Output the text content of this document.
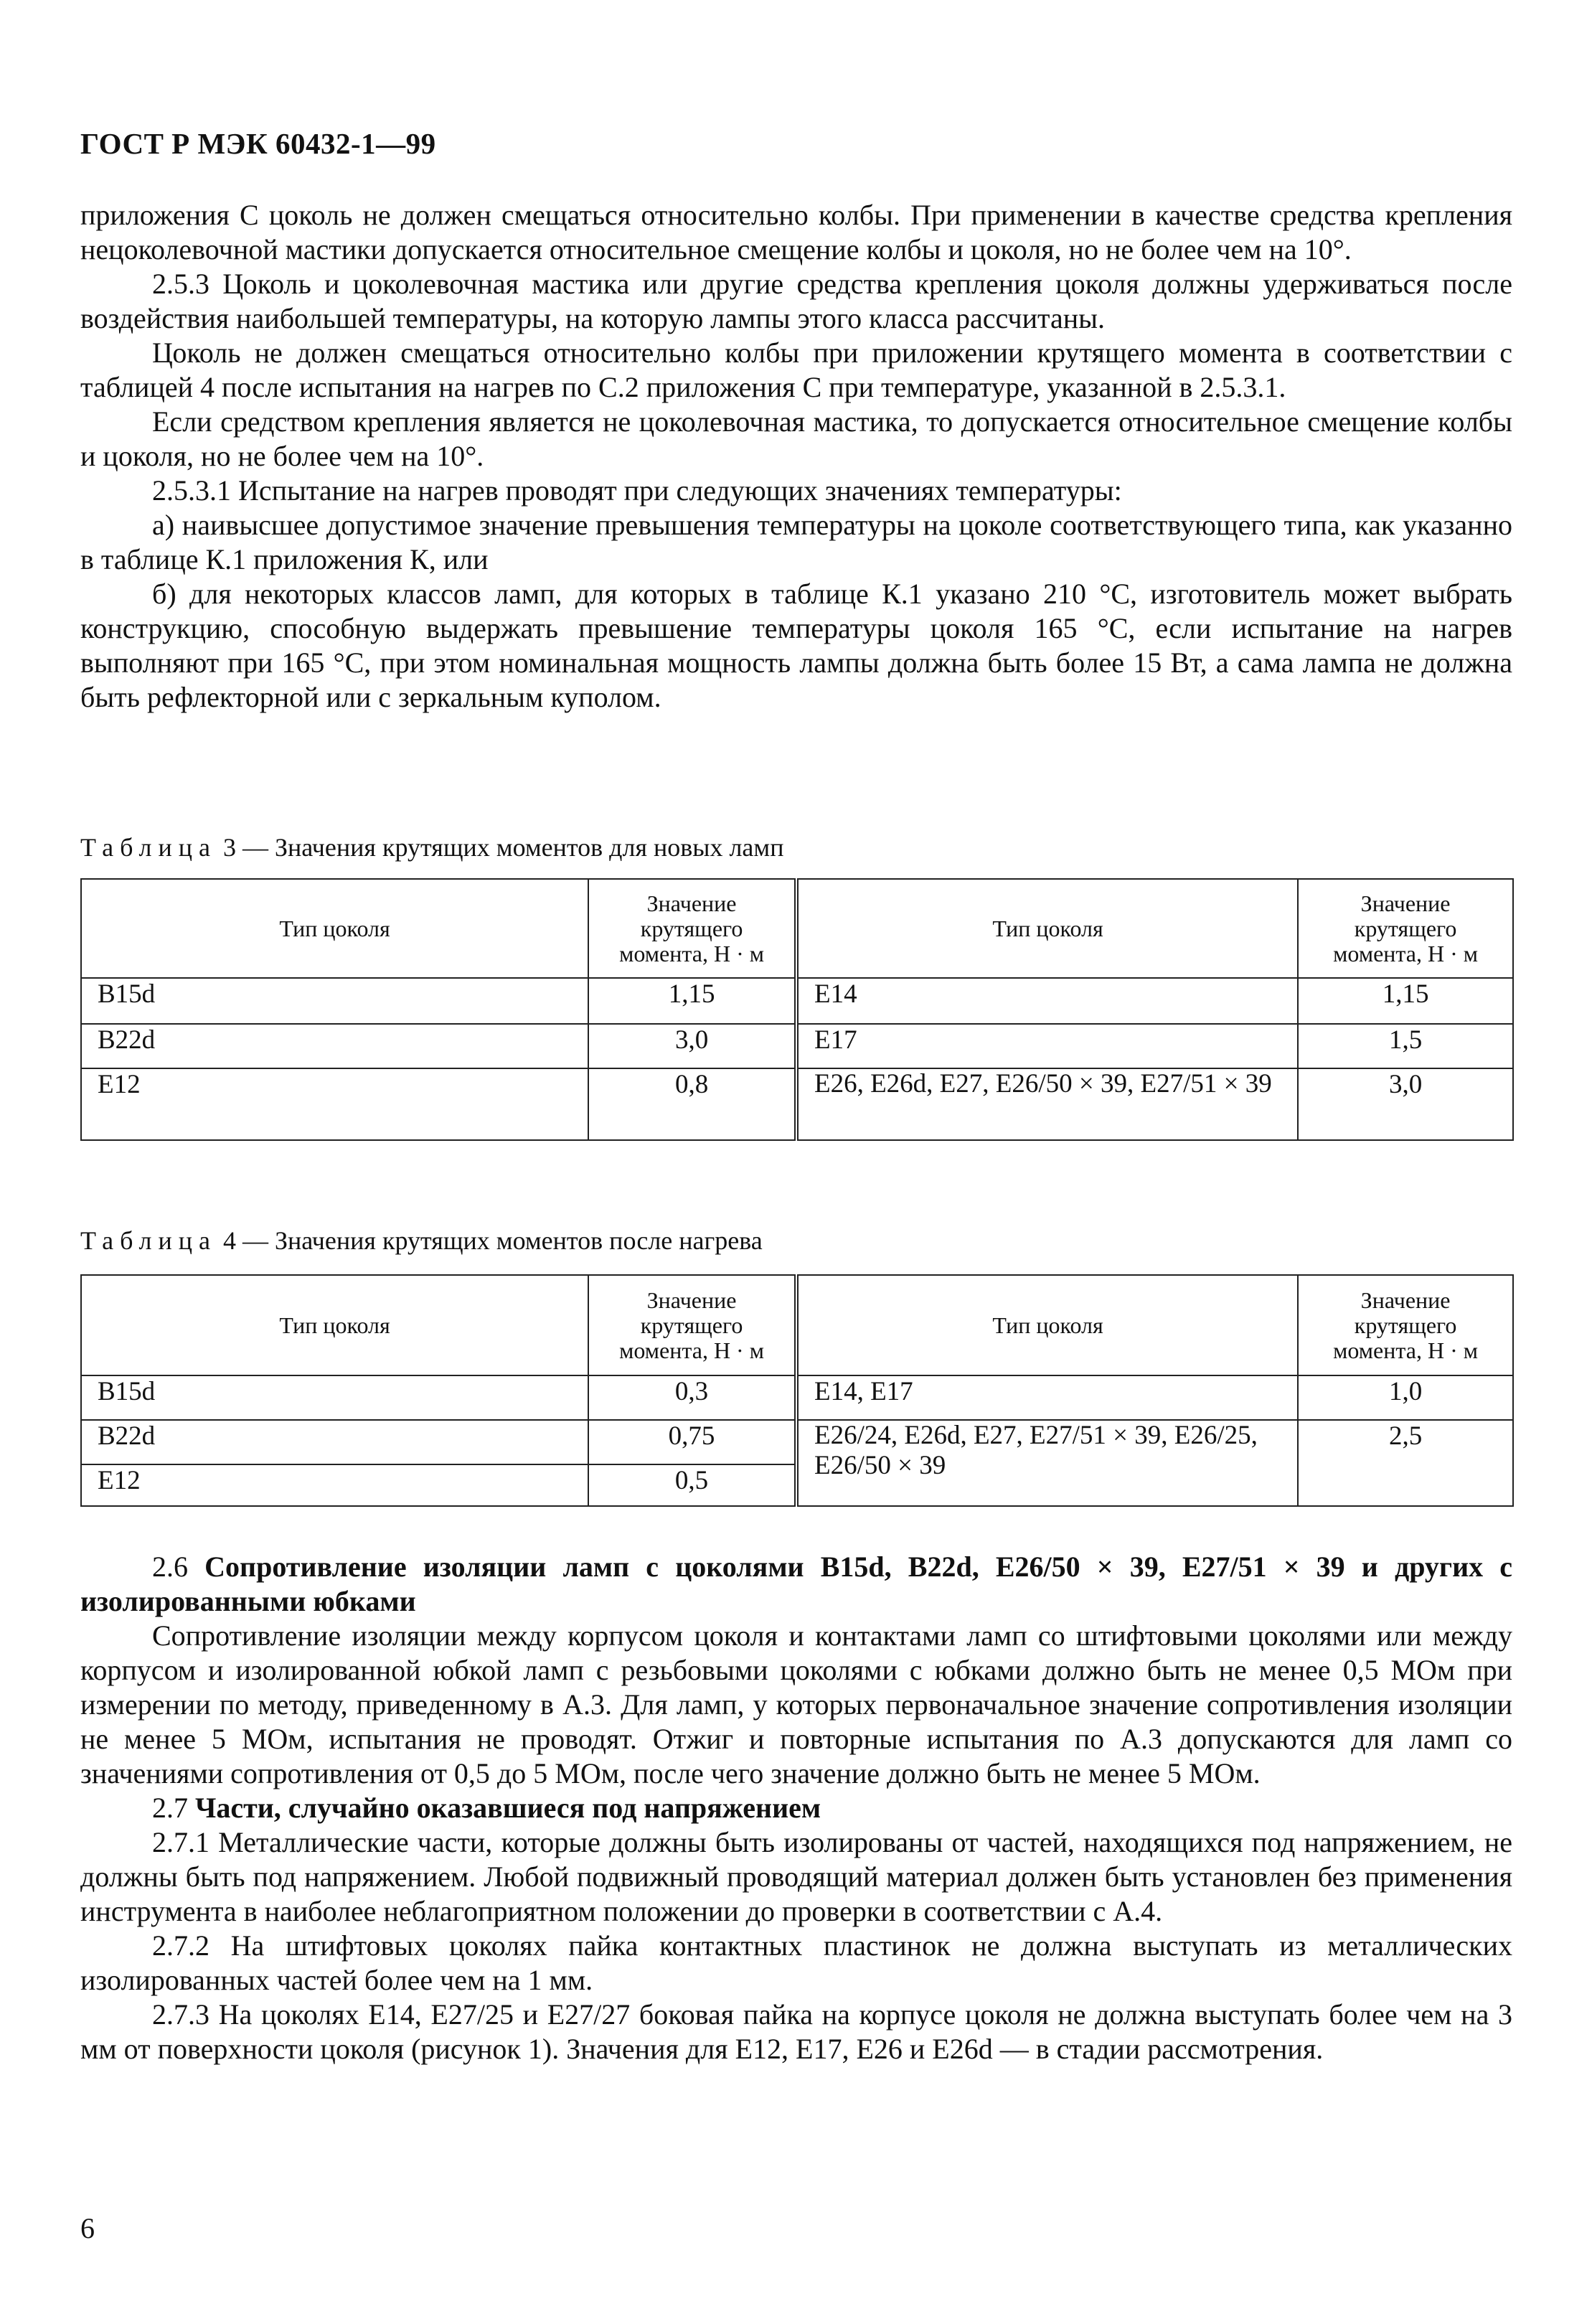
ГОСТ Р МЭК 60432-1—99

приложения С цоколь не должен смещаться относительно колбы. При применении в качестве средства крепления нецоколевочной мастики допускается относительное смещение колбы и цоколя, но не более чем на 10°.

2.5.3 Цоколь и цоколевочная мастика или другие средства крепления цоколя должны удерживаться после воздействия наибольшей температуры, на которую лампы этого класса рассчитаны.

Цоколь не должен смещаться относительно колбы при приложении крутящего момента в соответствии с таблицей 4 после испытания на нагрев по С.2 приложения С при температуре, указанной в 2.5.3.1.

Если средством крепления является не цоколевочная мастика, то допускается относительное смещение колбы и цоколя, но не более чем на 10°.

2.5.3.1 Испытание на нагрев проводят при следующих значениях температуры:

а) наивысшее допустимое значение превышения температуры на цоколе соответствующего типа, как указанно в таблице К.1 приложения К, или

б) для некоторых классов ламп, для которых в таблице К.1 указано 210 °С, изготовитель может выбрать конструкцию, способную выдержать превышение температуры цоколя 165 °С, если испытание на нагрев выполняют при 165 °С, при этом номинальная мощность лампы должна быть более 15 Вт, а сама лампа не должна быть рефлекторной или с зеркальным куполом.

Таблица 3 — Значения крутящих моментов для новых ламп
Тип цоколя	Значение крутящего момента, Н · м	Тип цоколя	Значение крутящего момента, Н · м
B15d	1,15	E14	1,15
B22d	3,0	E17	1,5
E12	0,8	E26, E26d, E27, E26/50 × 39, E27/51 × 39	3,0
Таблица 4 — Значения крутящих моментов после нагрева
Тип цоколя	Значение крутящего момента, Н · м	Тип цоколя	Значение крутящего момента, Н · м
B15d	0,3	E14, E17	1,0
B22d	0,75	E26/24, E26d, E27, E27/51 × 39, E26/25, E26/50 × 39	2,5
E12	0,5		

2.6 Сопротивление изоляции ламп с цоколями B15d, B22d, E26/50 × 39, E27/51 × 39 и других с изолированными юбками

Сопротивление изоляции между корпусом цоколя и контактами ламп со штифтовыми цоколями или между корпусом и изолированной юбкой ламп с резьбовыми цоколями с юбками должно быть не менее 0,5 МОм при измерении по методу, приведенному в А.3. Для ламп, у которых первоначальное значение сопротивления изоляции не менее 5 МОм, испытания не проводят. Отжиг и повторные испытания по А.3 допускаются для ламп со значениями сопротивления от 0,5 до 5 МОм, после чего значение должно быть не менее 5 МОм.

2.7 Части, случайно оказавшиеся под напряжением

2.7.1 Металлические части, которые должны быть изолированы от частей, находящихся под напряжением, не должны быть под напряжением. Любой подвижный проводящий материал должен быть установлен без применения инструмента в наиболее неблагоприятном положении до проверки в соответствии с А.4.

2.7.2 На штифтовых цоколях пайка контактных пластинок не должна выступать из металлических изолированных частей более чем на 1 мм.

2.7.3 На цоколях E14, E27/25 и E27/27 боковая пайка на корпусе цоколя не должна выступать более чем на 3 мм от поверхности цоколя (рисунок 1). Значения для E12, E17, E26 и E26d — в стадии рассмотрения.

6
